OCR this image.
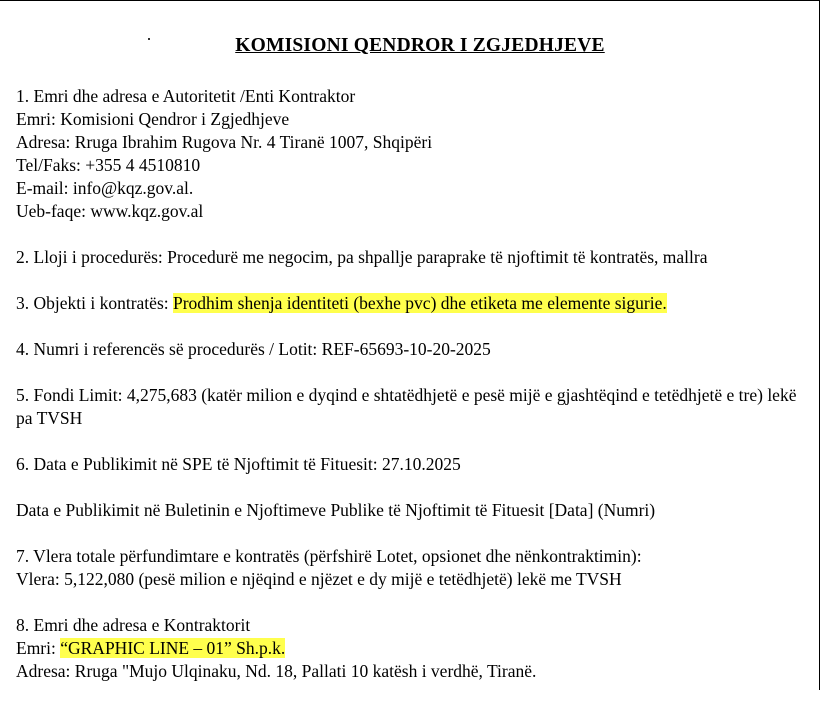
KOMISIONI QENDROR I ZGJEDHJEVE
1. Emri dhe adresa e Autoritetit /Enti Kontraktor
Emri: Komisioni Qendror i Zgjedhjeve
Adresa: Rruga Ibrahim Rugova Nr. 4 Tiranë 1007, Shqipëri
Tel/Faks: +355 4 4510810
E-mail: info@kqz.gov.al.
Ueb-faqe: www.kqz.gov.al
2. Lloji i procedurës: Procedurë me negocim, pa shpallje paraprake të njoftimit të kontratës, mallra
3. Objekti i kontratës: Prodhim shenja identiteti (bexhe pvc) dhe etiketa me elemente sigurie.
4. Numri i referencës së procedurës / Lotit: REF-65693-10-20-2025
5. Fondi Limit: 4,275,683 (katër milion e dyqind e shtatëdhjetë e pesë mijë e gjashtëqind e tetëdhjetë e tre) lekë pa TVSH
6. Data e Publikimit në SPE të Njoftimit të Fituesit: 27.10.2025
Data e Publikimit në Buletinin e Njoftimeve Publike të Njoftimit të Fituesit [Data] (Numri)
7. Vlera totale përfundimtare e kontratës (përfshirë Lotet, opsionet dhe nënkontraktimin):
Vlera: 5,122,080 (pesë milion e njëqind e njëzet e dy mijë e tetëdhjetë) lekë me TVSH
8. Emri dhe adresa e Kontraktorit
Emri: “GRAPHIC LINE – 01” Sh.p.k.
Adresa: Rruga "Mujo Ulqinaku, Nd. 18, Pallati 10 katësh i verdhë, Tiranë.
